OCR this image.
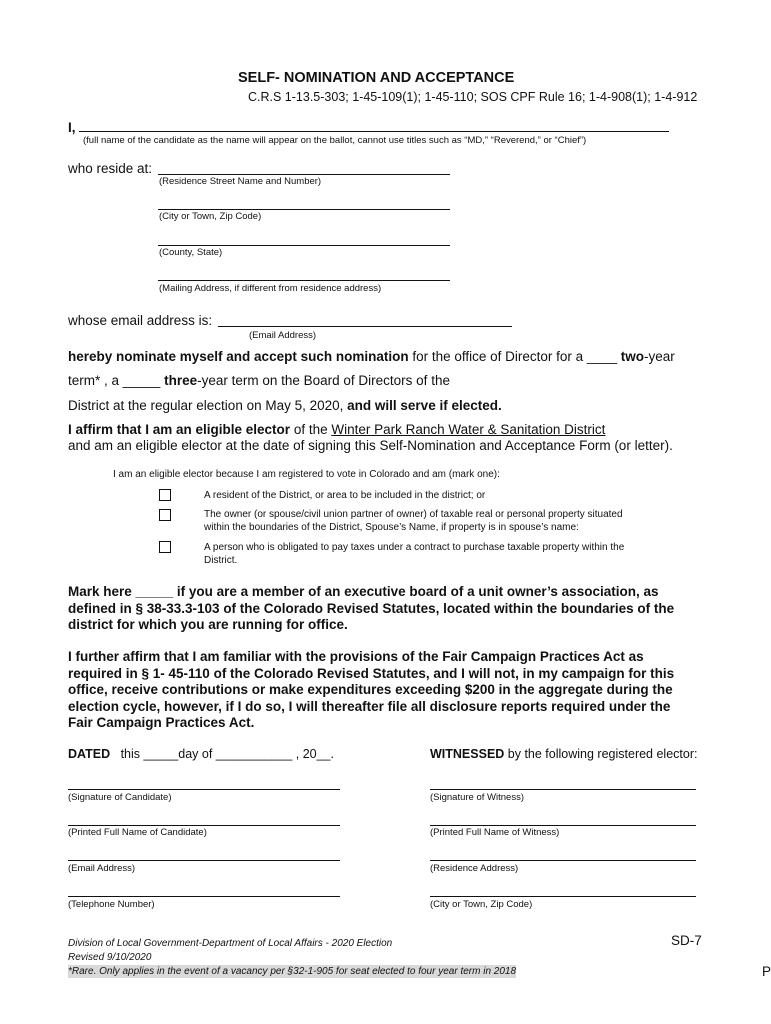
SELF- NOMINATION AND ACCEPTANCE
C.R.S 1-13.5-303; 1-45-109(1); 1-45-110; SOS CPF Rule 16; 1-4-908(1); 1-4-912
I,
(full name of the candidate as the name will appear on the ballot, cannot use titles such as “MD,” “Reverend,” or “Chief”)
who reside at:
(Residence Street Name and Number)
(City or Town, Zip Code)
(County, State)
(Mailing Address, if different from residence address)
whose email address is:
(Email Address)
hereby nominate myself and accept such nomination for the office of Director for a ____ two-year
term* , a _____ three-year term on the Board of Directors of the
District at the regular election on May 5, 2020, and will serve if elected.
I affirm that I am an eligible elector of the Winter Park Ranch Water & Sanitation District
and am an eligible elector at the date of signing this Self-Nomination and Acceptance Form (or letter).
I am an eligible elector because I am registered to vote in Colorado and am (mark one):
A resident of the District, or area to be included in the district; or
The owner (or spouse/civil union partner of owner) of taxable real or personal property situated
within the boundaries of the District, Spouse’s Name, if property is in spouse’s name:
A person who is obligated to pay taxes under a contract to purchase taxable property within the
District.
Mark here _____ if you are a member of an executive board of a unit owner’s association, as
defined in § 38-33.3-103 of the Colorado Revised Statutes, located within the boundaries of the
district for which you are running for office.
I further affirm that I am familiar with the provisions of the Fair Campaign Practices Act as
required in § 1- 45-110 of the Colorado Revised Statutes, and I will not, in my campaign for this
office, receive contributions or make expenditures exceeding $200 in the aggregate during the
election cycle, however, if I do so, I will thereafter file all disclosure reports required under the
Fair Campaign Practices Act.
DATED this _____day of ___________ , 20__.	WITNESSED by the following registered elector:
(Signature of Candidate)
(Printed Full Name of Candidate)
(Email Address)
(Telephone Number)
(Signature of Witness)
(Printed Full Name of Witness)
(Residence Address)
(City or Town, Zip Code)
Division of Local Government-Department of Local Affairs - 2020 Election
Revised 9/10/2020
*Rare. Only applies in the event of a vacancy per §32-1-905 for seat elected to four year term in 2018
SD-7
P
